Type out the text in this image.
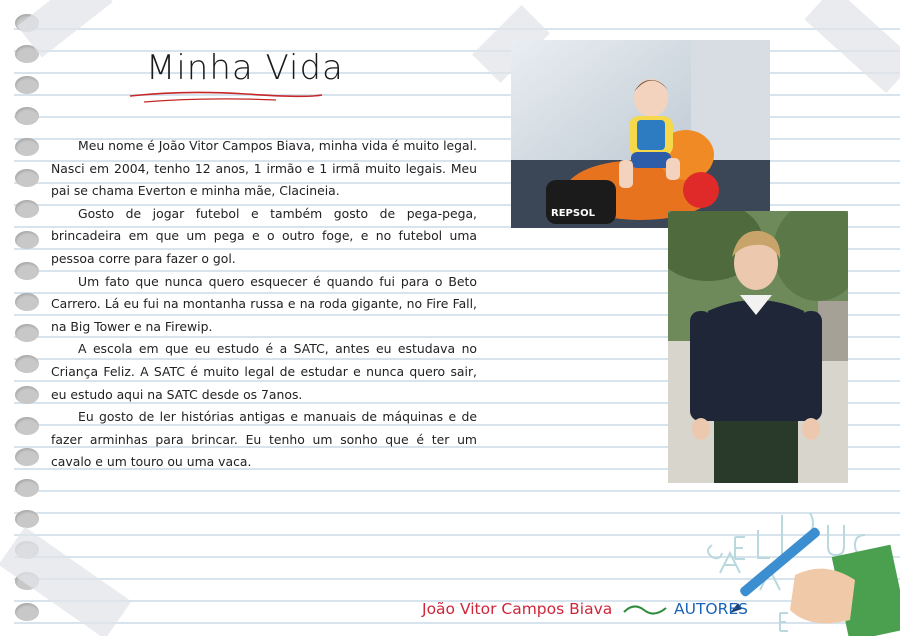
Minha Vida

Meu nome é João Vitor Campos Biava, minha vida é muito legal. Nasci em 2004, tenho 12 anos, 1 irmão e 1 irmã muito legais. Meu pai se chama Everton e minha mãe, Clacineia.

Gosto de jogar futebol e também gosto de pega-pega, brincadeira em que um pega e o outro foge, e no futebol uma pessoa corre para fazer o gol.

Um fato que nunca quero esquecer é quando fui para o Beto Carrero. Lá eu fui na montanha russa e na roda gigante, no Fire Fall, na Big Tower e na Firewip.

A escola em que eu estudo é a SATC, antes eu estudava no Criança Feliz. A SATC é muito legal de estudar e nunca quero sair, eu estudo aqui na SATC desde os 7anos.

Eu gosto de ler histórias antigas e manuais de máquinas e de fazer arminhas para brincar. Eu tenho um sonho que é ter um cavalo e um touro ou uma vaca.

REPSOL

João Vitor Campos Biava	AUTORES
